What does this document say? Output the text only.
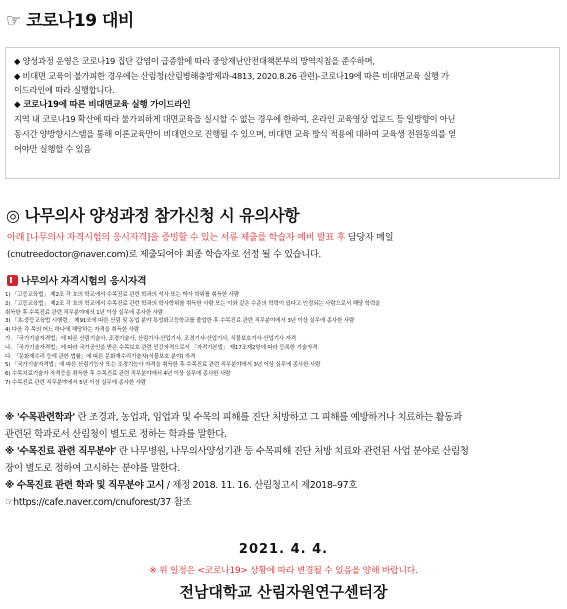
☞ 코로나19 대비
◆ 양성과정 운영은 코로나19 집단 감염이 급증함에 따라 중앙재난안전대책본부의 방역지침을 준수하며,
◆ 비대면 교육이 불가피한 경우에는 산림청(산림병해충방제과-4813, 2020.8.26 관련)-코로나19에 따른 비대면교육 실행 가
이드라인에 따라 실행합니다.
◆ 코로나19에 따른 비대면교육 실행 가이드라인
지역 내 코로나19 확산에 따라 불가피하게 대면교육을 실시할 수 없는 경우에 한하여, 온라인 교육영상 업로드 등 일방향이 아닌
동시간 양방향시스템을 통해 이론교육만이 비대면으로 진행될 수 있으며, 비대면 교육 방식 적용에 대하여 교육생 전원동의를 얻
어야만 실행할 수 있음
◎ 나무의사 양성과정 참가신청 시 유의사항
아래 [나무의사 자격시험의 응시자격]을 증빙할 수 있는 서류 제출를 학습자 예비 발표 후 담당자 메일
(cnutreedoctor@naver.com)로 제출되어야 최종 학습자로 선정 될 수 있습니다.
나무의사 자격시험의 응시자격
1) 「고등교육법」 제2조 각 호의 학교에서 수목진료 관련 학과의 석사 또는 박사 학위를 취득한 사람
2) 「고등교육법」 제2조 각 호의 학교에서 수목진료 관련 학과의 학사학위를 취득한 사람 또는 이와 같은 수준의 학력이 있다고 인정되는 사람으로서 해당 학력을
취득한 후 수목진료 관련 직무분야에서 1년 이상 실무에 종사한 사람
3) 「초·중등교육법 시행령」 제91조에 따른 산림 및 농업 분야 특성화고등학교를 졸업한 후 수목진료 관련 직무분야에서 3년 이상 실무에 종사한 사람
4) 다음 각 목의 어느 하나에 해당하는 자격을 취득한 사람
가. 「국가기술자격법」에 따른 산림기술사, 조경기술사, 산림기사·산업기사, 조경기사·산업기사, 식물보호기사·산업기사 자격
나. 「국가기술자격법」에 따라 국가공인을 받은 수목보호 관련 민간자격으로서 「자격기본법」 제17조제2항에 따라 등록한 기술자격
다. 「문화재수리 등에 관한 법률」에 따른 문화재수리기술자(식물보호 분야) 자격
5) 「국가기술자격법」에 따른 산림기능사 또는 조경기능사 자격을 취득한 후 수목진료 관련 직무분야에서 3년 이상 실무에 종사한 사람
6) 수목치료기술자 자격증을 취득한 후 수목진료 관련 직무분야에서 4년 이상 실무에 종사한 사람
7) 수목진료 관련 직무분야에서 5년 이상 실무에 종사한 사람
※ '수목관련학과' 란 조경과, 농업과, 임업과 및 수목의 피해를 진단 처방하고 그 피해를 예방하거나 치료하는 활동과
관련된 학과로서 산림청이 별도로 정하는 학과를 말한다.
※ '수목진료 관련 직무분야' 란 나무병원, 나무의사양성기관 등 수목피해 진단 처방 치료와 관련된 사업 분야로 산림청
장이 별도로 정하여 고시하는 분야를 말한다.
※ 수목진료 관련 학과 및 직무분야 고시 / 제정 2018. 11. 16. 산림청고시 제2018–97호
☞https://cafe.naver.com/cnuforest/37 참조
2021. 4. 4.
※ 위 일정은 <코로나19> 상황에 따라 변경될 수 있음을 양해 바랍니다.
전남대학교 산림자원연구센터장
